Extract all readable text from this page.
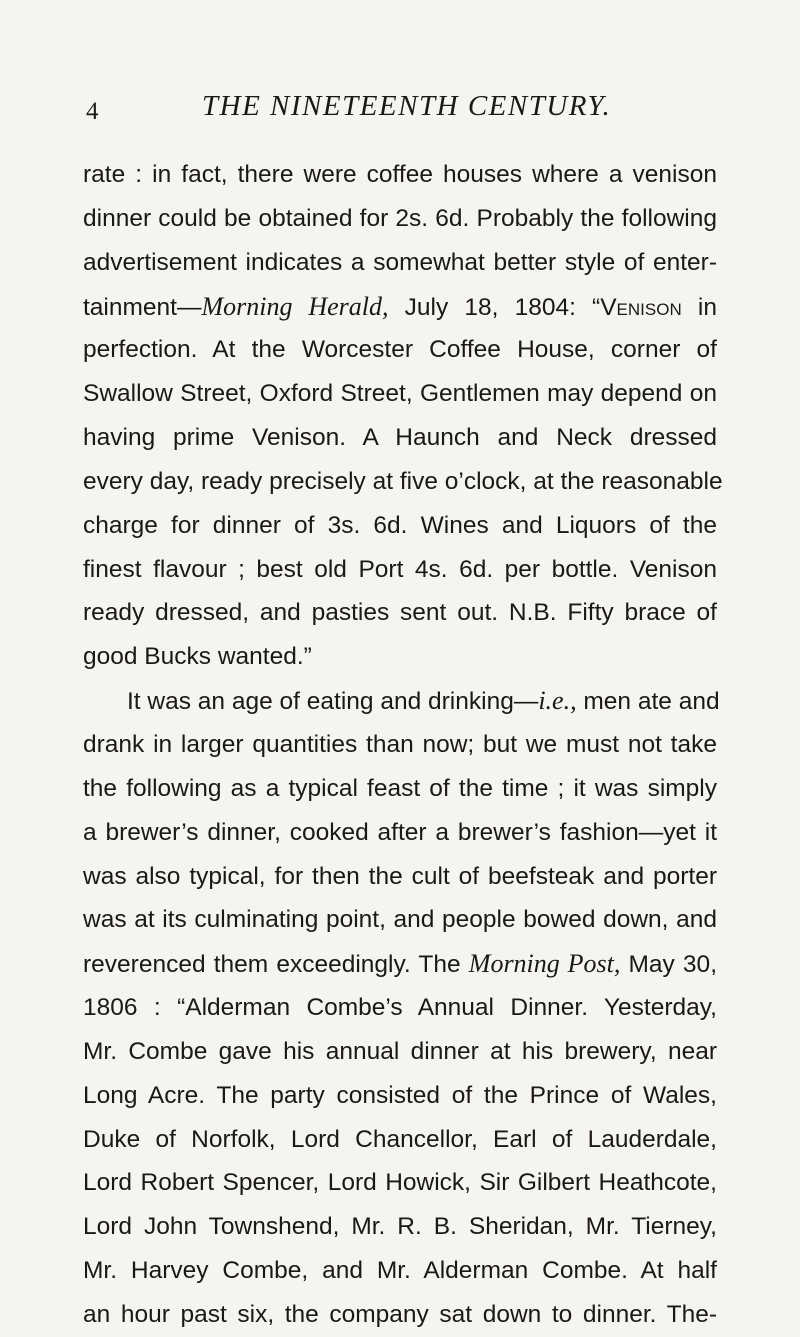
4	THE NINETEENTH CENTURY.
rate : in fact, there were coffee houses where a venison
dinner could be obtained for 2s. 6d. Probably the following
advertisement indicates a somewhat better style of enter-
tainment—Morning Herald, July 18, 1804: “Venison in
perfection. At the Worcester Coffee House, corner of
Swallow Street, Oxford Street, Gentlemen may depend on
having prime Venison. A Haunch and Neck dressed
every day, ready precisely at five o’clock, at the reasonable
charge for dinner of 3s. 6d. Wines and Liquors of the
finest flavour ; best old Port 4s. 6d. per bottle. Venison
ready dressed, and pasties sent out. N.B. Fifty brace of
good Bucks wanted.”
It was an age of eating and drinking—i.e., men ate and
drank in larger quantities than now; but we must not take
the following as a typical feast of the time ; it was simply
a brewer’s dinner, cooked after a brewer’s fashion—yet it
was also typical, for then the cult of beefsteak and porter
was at its culminating point, and people bowed down, and
reverenced them exceedingly. The Morning Post, May 30,
1806 : “Alderman Combe’s Annual Dinner. Yesterday,
Mr. Combe gave his annual dinner at his brewery, near
Long Acre. The party consisted of the Prince of Wales,
Duke of Norfolk, Lord Chancellor, Earl of Lauderdale,
Lord Robert Spencer, Lord Howick, Sir Gilbert Heathcote,
Lord John Townshend, Mr. R. B. Sheridan, Mr. Tierney,
Mr. Harvey Combe, and Mr. Alderman Combe. At half
an hour past six, the company sat down to dinner. The-
